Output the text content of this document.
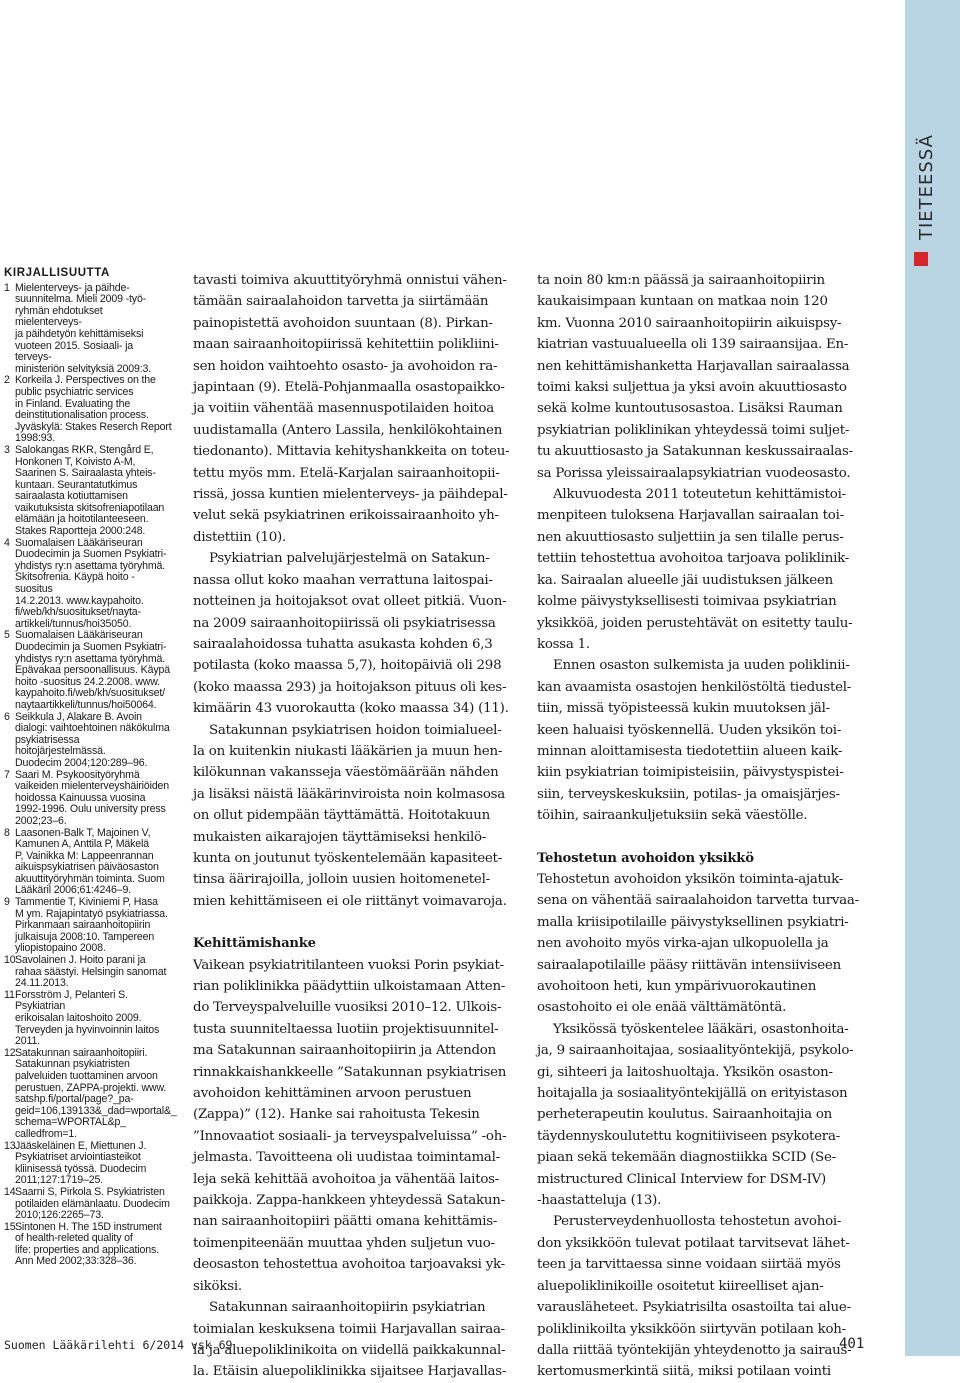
TIETEESSÄ
KIRJALLISUUTTA
1 Mielenterveys- ja päihde-
suunnitelma. Mieli 2009 -työ-
ryhmän ehdotukset mielenterveys-
ja päihdetyön kehittämiseksi
vuoteen 2015. Sosiaali- ja terveys-
ministeriön selvityksiä 2009:3.
2 Korkeila J. Perspectives on the
public psychiatric services
in Finland. Evaluating the
deinstitutionalisation process.
Jyväskylä: Stakes Reserch Report
1998:93.
3 Salokangas RKR, Stengård E,
Honkonen T, Koivisto A-M,
Saarinen S. Sairaalasta yhteis-
kuntaan. Seurantatutkimus
sairaalasta kotiuttamisen
vaikutuksista skitsofreniapotilaan
elämään ja hoitotilanteeseen.
Stakes Raportteja 2000:248.
4 Suomalaisen Lääkäriseuran
Duodecimin ja Suomen Psykiatri-
yhdistys ry:n asettama työryhmä.
Skitsofrenia. Käypä hoito -suositus
14.2.2013. www.kaypahoito.
fi/web/kh/suositukset/nayta-
artikkeli/tunnus/hoi35050.
5 Suomalaisen Lääkäriseuran
Duodecimin ja Suomen Psykiatri-
yhdistys ry:n asettama työryhmä.
Epävakaa persoonallisuus. Käypä
hoito -suositus 24.2.2008. www.
kaypahoito.fi/web/kh/suositukset/
naytaartikkeli/tunnus/hoi50064.
6 Seikkula J, Alakare B. Avoin
dialogi: vaihtoehtoinen näkökulma
psykiatrisessa hoitojärjestelmässä.
Duodecim 2004;120:289–96.
7 Saari M. Psykoosityöryhmä
vaikeiden mielenterveyshäiriöiden
hoidossa Kainuussa vuosina
1992-1996. Oulu university press
2002;23–6.
8 Laasonen-Balk T, Majoinen V,
Kamunen A, Anttila P, Mäkelä
P, Vainikka M: Lappeenrannan
aikuispsykiatrisen päiväosaston
akuuttityöryhmän toiminta. Suom
Lääkäril 2006;61:4246–9.
9 Tammentie T, Kiviniemi P, Hasa
M ym. Rajapintatyö psykiatriassa.
Pirkanmaan sairaanhoitopiirin
julkaisuja 2008:10. Tampereen
yliopistopaino 2008.
10 Savolainen J. Hoito parani ja
rahaa säästyi. Helsingin sanomat
24.11.2013.
11 Forsström J, Pelanteri S. Psykiatrian
erikoisalan laitoshoito 2009.
Terveyden ja hyvinvoinnin laitos
2011.
12 Satakunnan sairaanhoitopiiri.
Satakunnan psykiatristen
palveluiden tuottaminen arvoon
perustuen, ZAPPA-projekti. www.
satshp.fi/portal/page?_pa-
geid=106,139133&_dad=wportal&_
schema=WPORTAL&p_
calledfrom=1.
13 Jääskeläinen E, Miettunen J.
Psykiatriset arviointiasteikot
kliinisessä työssä. Duodecim
2011;127:1719–25.
14 Saarni S, Pirkola S. Psykiatristen
potilaiden elämänlaatu. Duodecim
2010;126:2265–73.
15 Sintonen H. The 15D instrument
of health-releted quality of
life: properties and applications.
Ann Med 2002;33:328–36.

tavasti toimiva akuuttityöryhmä onnistui vähen-
tämään sairaalahoidon tarvetta ja siirtämään
painopistettä avohoidon suuntaan (8). Pirkan-
maan sairaanhoitopiirissä kehitettiin polikliini-
sen hoidon vaihtoehto osasto- ja avohoidon ra-
japintaan (9). Etelä-Pohjanmaalla osastopaikko-
ja voitiin vähentää masennuspotilaiden hoitoa
uudistamalla (Antero Lassila, henkilökohtainen
tiedonanto). Mittavia kehityshankkeita on toteu-
tettu myös mm. Etelä-Karjalan sairaanhoitopii-
rissä, jossa kuntien mielenterveys- ja päihdepal-
velut sekä psykiatrinen erikoissairaanhoito yh-
distettiin (10).

Psykiatrian palvelujärjestelmä on Satakun-
nassa ollut koko maahan verrattuna laitospai-
notteinen ja hoitojaksot ovat olleet pitkiä. Vuon-
na 2009 sairaanhoitopiirissä oli psykiatrisessa
sairaalahoidossa tuhatta asukasta kohden 6,3
potilasta (koko maassa 5,7), hoitopäiviä oli 298
(koko maassa 293) ja hoitojakson pituus oli kes-
kimäärin 43 vuorokautta (koko maassa 34) (11).

Satakunnan psykiatrisen hoidon toimialueel-
la on kuitenkin niukasti lääkärien ja muun hen-
kilökunnan vakansseja väestömäärään nähden
ja lisäksi näistä lääkärinviroista noin kolmasosa
on ollut pidempään täyttämättä. Hoitotakuun
mukaisten aikarajojen täyttämiseksi henkilö-
kunta on joutunut työskentelemään kapasiteet-
tinsa äärirajoilla, jolloin uusien hoitomenetel-
mien kehittämiseen ei ole riittänyt voimavaroja.

Kehittämishanke

Vaikean psykiatritilanteen vuoksi Porin psykiat-
rian poliklinikka päädyttiin ulkoistamaan Atten-
do Terveyspalveluille vuosiksi 2010–12. Ulkois-
tusta suunniteltaessa luotiin projektisuunnitel-
ma Satakunnan sairaanhoitopiirin ja Attendon
rinnakkaishankkeelle ”Satakunnan psykiatrisen
avohoidon kehittäminen arvoon perustuen
(Zappa)” (12). Hanke sai rahoitusta Tekesin
”Innovaatiot sosiaali- ja terveyspalveluissa” -oh-
jelmasta. Tavoitteena oli uudistaa toimintamal-
leja sekä kehittää avohoitoa ja vähentää laitos-
paikkoja. Zappa-hankkeen yhteydessä Satakun-
nan sairaanhoitopiiri päätti omana kehittämis-
toimenpiteenään muuttaa yhden suljetun vuo-
deosaston tehostettua avohoitoa tarjoavaksi yk-
siköksi.

Satakunnan sairaanhoitopiirin psykiatrian
toimialan keskuksena toimii Harjavallan sairaa-
la ja aluepoliklinikoita on viidellä paikkakunnal-
la. Etäisin aluepoliklinikka sijaitsee Harjavallas-

ta noin 80 km:n päässä ja sairaanhoitopiirin
kaukaisimpaan kuntaan on matkaa noin 120
km. Vuonna 2010 sairaanhoitopiirin aikuispsy-
kiatrian vastuualueella oli 139 sairaansijaa. En-
nen kehittämishanketta Harjavallan sairaalassa
toimi kaksi suljettua ja yksi avoin akuuttiosasto
sekä kolme kuntoutusosastoa. Lisäksi Rauman
psykiatrian poliklinikan yhteydessä toimi suljet-
tu akuuttiosasto ja Satakunnan keskussairaalas-
sa Porissa yleissairaalapsykiatrian vuodeosasto.

Alkuvuodesta 2011 toteutetun kehittämistoi-
menpiteen tuloksena Harjavallan sairaalan toi-
nen akuuttiosasto suljettiin ja sen tilalle perus-
tettiin tehostettua avohoitoa tarjoava poliklinik-
ka. Sairaalan alueelle jäi uudistuksen jälkeen
kolme päivystyksellisesti toimivaa psykiatrian
yksikköä, joiden perustehtävät on esitetty taulu-
kossa 1.

Ennen osaston sulkemista ja uuden poliklinii-
kan avaamista osastojen henkilöstöltä tiedustel-
tiin, missä työpisteessä kukin muutoksen jäl-
keen haluaisi työskennellä. Uuden yksikön toi-
minnan aloittamisesta tiedotettiin alueen kaik-
kiin psykiatrian toimipisteisiin, päivystyspistei-
siin, terveyskeskuksiin, potilas- ja omaisjärjes-
töihin, sairaankuljetuksiin sekä väestölle.

Tehostetun avohoidon yksikkö

Tehostetun avohoidon yksikön toiminta-ajatuk-
sena on vähentää sairaalahoidon tarvetta turvaa-
malla kriisipotilaille päivystyksellinen psykiatri-
nen avohoito myös virka-ajan ulkopuolella ja
sairaalapotilaille pääsy riittävän intensiiviseen
avohoitoon heti, kun ympärivuorokautinen
osastohoito ei ole enää välttämätöntä.

Yksikössä työskentelee lääkäri, osastonhoita-
ja, 9 sairaanhoitajaa, sosiaalityöntekijä, psykolo-
gi, sihteeri ja laitoshuoltaja. Yksikön osaston-
hoitajalla ja sosiaalityöntekijällä on erityistason
perheterapeutin koulutus. Sairaanhoitajia on
täydennyskoulutettu kognitiiviseen psykotera-
piaan sekä tekemään diagnostiikka SCID (Se-
mistructured Clinical Interview for DSM-IV)
-haastatteluja (13).

Perusterveydenhuollosta tehostetun avohoi-
don yksikköön tulevat potilaat tarvitsevat lähet-
teen ja tarvittaessa sinne voidaan siirtää myös
aluepoliklinikoille osoitetut kiireelliset ajan-
varausläheteet. Psykiatrisilta osastoilta tai alue-
poliklinikoilta yksikköön siirtyvän potilaan koh-
dalla riittää työntekijän yhteydenotto ja sairaus-
kertomusmerkintä siitä, miksi potilaan vointi

Suomen Lääkärilehti 6/2014 vsk 69	401
